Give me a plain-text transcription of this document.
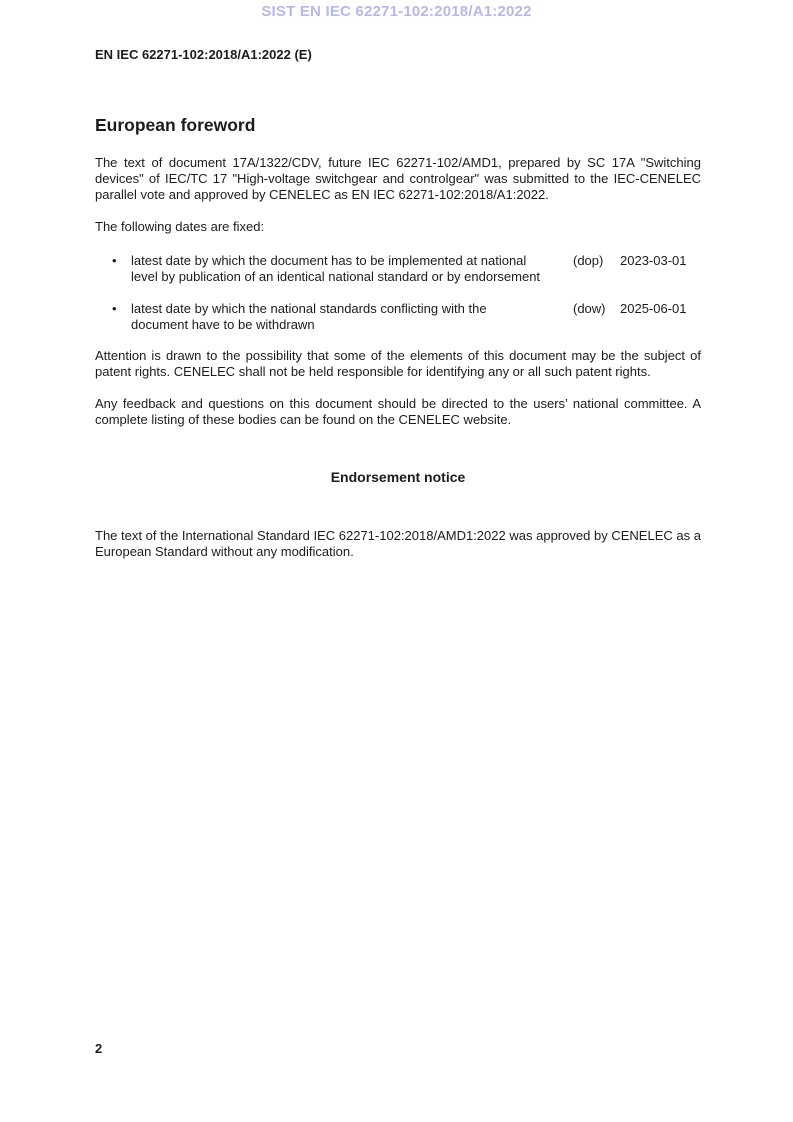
SIST EN IEC 62271-102:2018/A1:2022
EN IEC 62271-102:2018/A1:2022 (E)
European foreword
The text of document 17A/1322/CDV, future IEC 62271-102/AMD1, prepared by SC 17A "Switching devices" of IEC/TC 17 "High-voltage switchgear and controlgear" was submitted to the IEC-CENELEC parallel vote and approved by CENELEC as EN IEC 62271-102:2018/A1:2022.
The following dates are fixed:
•	latest date by which the document has to be implemented at national level by publication of an identical national standard or by endorsement
(dop)	2023-03-01
•	latest date by which the national standards conflicting with the document have to be withdrawn
(dow)	2025-06-01
Attention is drawn to the possibility that some of the elements of this document may be the subject of patent rights. CENELEC shall not be held responsible for identifying any or all such patent rights.
Any feedback and questions on this document should be directed to the users’ national committee. A complete listing of these bodies can be found on the CENELEC website.
Endorsement notice
The text of the International Standard IEC 62271-102:2018/AMD1:2022 was approved by CENELEC as a European Standard without any modification.
2
